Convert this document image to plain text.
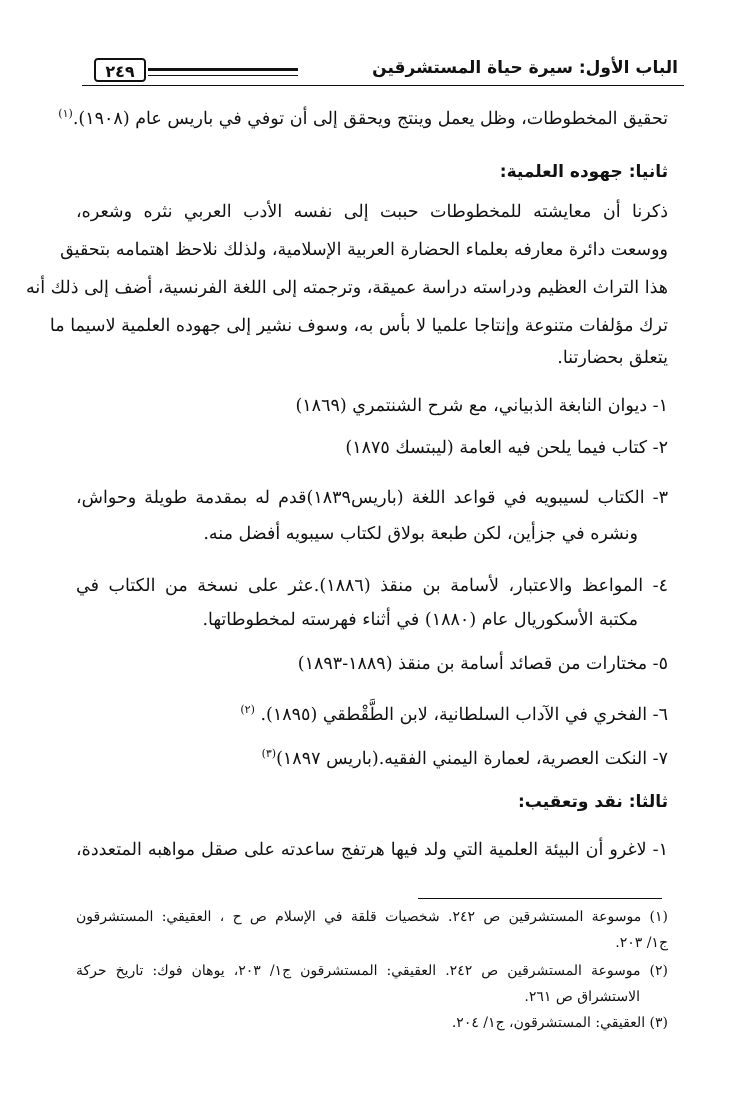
الباب الأول: سيرة حياة المستشرقين
٢٤٩
تحقيق المخطوطات، وظل يعمل وينتج ويحقق إلى أن توفي في باريس عام (١٩٠٨).$^{(١)}$
ثانيا: جهوده العلمية:
ذكرنا أن معايشته للمخطوطات حببت إلى نفسه الأدب العربي نثره وشعره،
ووسعت دائرة معارفه بعلماء الحضارة العربية الإسلامية، ولذلك نلاحظ اهتمامه بتحقيق
هذا التراث العظيم ودراسته دراسة عميقة، وترجمته إلى اللغة الفرنسية، أضف إلى ذلك أنه
ترك مؤلفات متنوعة وإنتاجا علميا لا بأس به، وسوف نشير إلى جهوده العلمية لاسيما ما
يتعلق بحضارتنا.
١- ديوان النابغة الذبياني، مع شرح الشنتمري (١٨٦٩)
٢- كتاب فيما يلحن فيه العامة (ليبتسك ١٨٧٥)
٣- الكتاب لسيبويه في قواعد اللغة (باريس١٨٣٩)قدم له بمقدمة طويلة وحواش،
ونشره في جزأين، لكن طبعة بولاق لكتاب سيبويه أفضل منه.
٤- المواعظ والاعتبار، لأسامة بن منقذ (١٨٨٦).عثر على نسخة من الكتاب في
مكتبة الأسكوريال عام (١٨٨٠) في أثناء فهرسته لمخطوطاتها.
٥- مختارات من قصائد أسامة بن منقذ (١٨٨٩-١٨٩٣)
٦- الفخري في الآداب السلطانية، لابن الطَّقْطقي (١٨٩٥). $^{(٢)}$
٧- النكت العصرية، لعمارة اليمني الفقيه.(باريس ١٨٩٧)$^{(٣)}$
ثالثا: نقد وتعقيب:
١- لاغرو أن البيئة العلمية التي ولد فيها هرتفج ساعدته على صقل مواهبه المتعددة،
(١) موسوعة المستشرقين ص ٢٤٢. شخصيات قلقة في الإسلام ص ح ، العقيقي: المستشرقون
ج١/ ٢٠٣.
(٢) موسوعة المستشرقين ص ٢٤٢. العقيقي: المستشرقون ج١/ ٢٠٣، يوهان فوك: تاريخ حركة
الاستشراق ص ٢٦١.
(٣) العقيقي: المستشرقون، ج١/ ٢٠٤.
